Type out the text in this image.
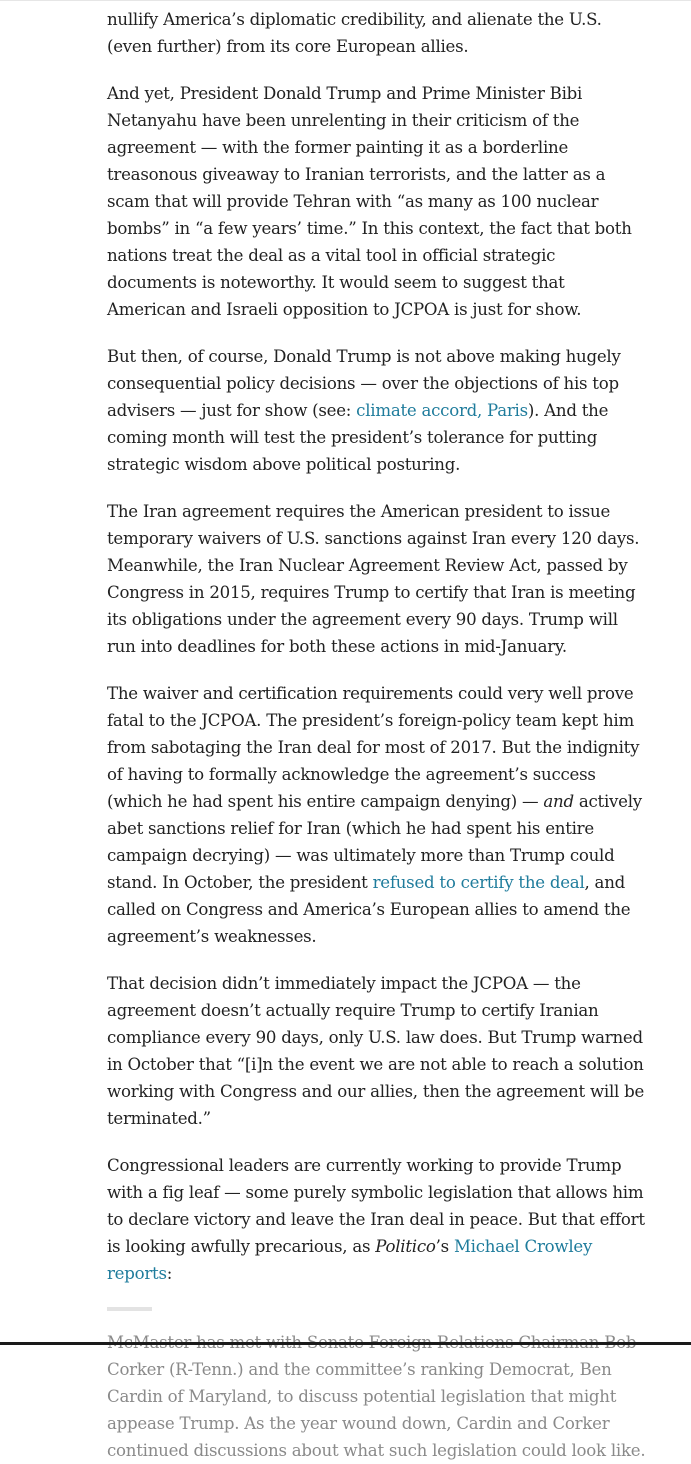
nullify America’s diplomatic credibility, and alienate the U.S. (even further) from its core European allies.

And yet, President Donald Trump and Prime Minister Bibi Netanyahu have been unrelenting in their criticism of the agreement — with the former painting it as a borderline treasonous giveaway to Iranian terrorists, and the latter as a scam that will provide Tehran with “as many as 100 nuclear bombs” in “a few years’ time.” In this context, the fact that both nations treat the deal as a vital tool in official strategic documents is noteworthy. It would seem to suggest that American and Israeli opposition to JCPOA is just for show.

But then, of course, Donald Trump is not above making hugely consequential policy decisions — over the objections of his top advisers — just for show (see: climate accord, Paris). And the coming month will test the president’s tolerance for putting strategic wisdom above political posturing.

The Iran agreement requires the American president to issue temporary waivers of U.S. sanctions against Iran every 120 days. Meanwhile, the Iran Nuclear Agreement Review Act, passed by Congress in 2015, requires Trump to certify that Iran is meeting its obligations under the agreement every 90 days. Trump will run into deadlines for both these actions in mid-January.

The waiver and certification requirements could very well prove fatal to the JCPOA. The president’s foreign-policy team kept him from sabotaging the Iran deal for most of 2017. But the indignity of having to formally acknowledge the agreement’s success (which he had spent his entire campaign denying) — and actively abet sanctions relief for Iran (which he had spent his entire campaign decrying) — was ultimately more than Trump could stand. In October, the president refused to certify the deal, and called on Congress and America’s European allies to amend the agreement’s weaknesses.

That decision didn’t immediately impact the JCPOA — the agreement doesn’t actually require Trump to certify Iranian compliance every 90 days, only U.S. law does. But Trump warned in October that “[i]n the event we are not able to reach a solution working with Congress and our allies, then the agreement will be terminated.”

Congressional leaders are currently working to provide Trump with a fig leaf — some purely symbolic legislation that allows him to declare victory and leave the Iran deal in peace. But that effort is looking awfully precarious, as Politico’s Michael Crowley reports:

Corker (R-Tenn.) and the committee’s ranking Democrat, Ben Cardin of Maryland, to discuss potential legislation that might appease Trump. As the year wound down, Cardin and Corker continued discussions about what such legislation could look like.
